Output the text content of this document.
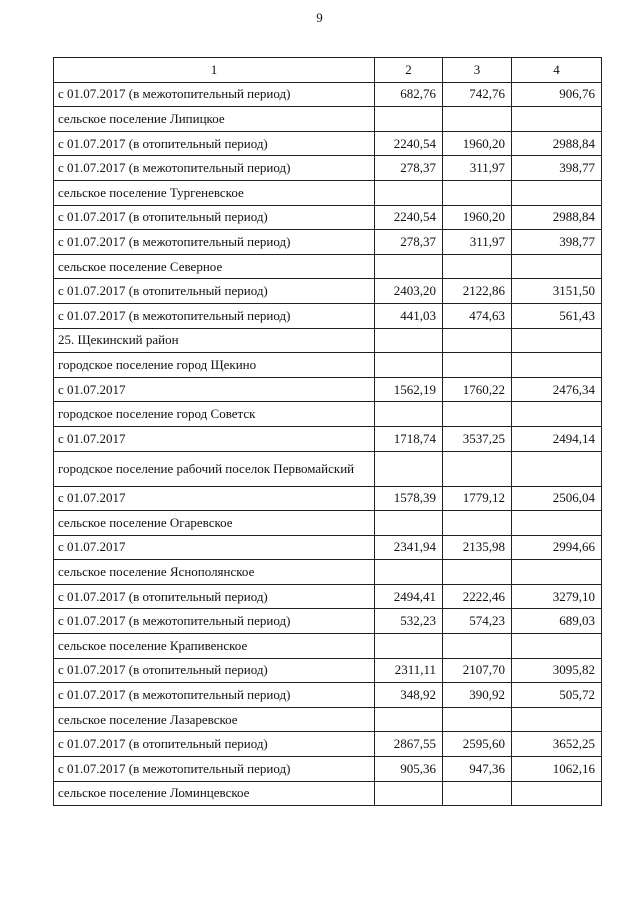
9
1	2	3	4
с 01.07.2017 (в межотопительный период)	682,76	742,76	906,76
сельское поселение Липицкое			
с 01.07.2017 (в отопительный период)	2240,54	1960,20	2988,84
с 01.07.2017 (в межотопительный период)	278,37	311,97	398,77
сельское поселение Тургеневское			
с 01.07.2017 (в отопительный период)	2240,54	1960,20	2988,84
с 01.07.2017 (в межотопительный период)	278,37	311,97	398,77
сельское поселение Северное			
с 01.07.2017 (в отопительный период)	2403,20	2122,86	3151,50
с 01.07.2017 (в межотопительный период)	441,03	474,63	561,43
25. Щекинский район			
городское поселение город Щекино			
с 01.07.2017	1562,19	1760,22	2476,34
городское поселение город Советск			
с 01.07.2017	1718,74	3537,25	2494,14
городское поселение рабочий поселок Первомайский			
с 01.07.2017	1578,39	1779,12	2506,04
сельское поселение Огаревское			
с 01.07.2017	2341,94	2135,98	2994,66
сельское поселение Яснополянское			
с 01.07.2017 (в отопительный период)	2494,41	2222,46	3279,10
с 01.07.2017 (в межотопительный период)	532,23	574,23	689,03
сельское поселение Крапивенское			
с 01.07.2017 (в отопительный период)	2311,11	2107,70	3095,82
с 01.07.2017 (в межотопительный период)	348,92	390,92	505,72
сельское поселение Лазаревское			
с 01.07.2017 (в отопительный период)	2867,55	2595,60	3652,25
с 01.07.2017 (в межотопительный период)	905,36	947,36	1062,16
сельское поселение Ломинцевское			
